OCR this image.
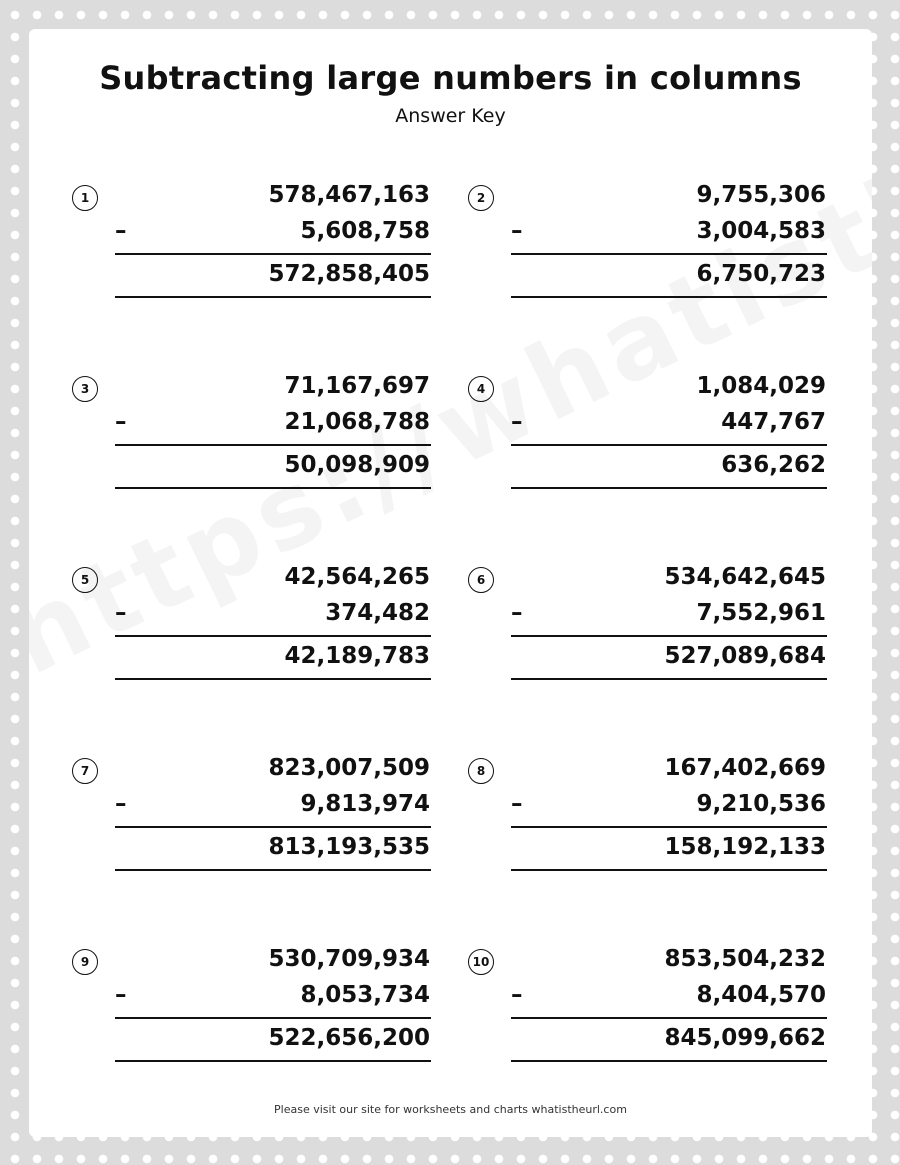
Subtracting large numbers in columns
Answer Key
1	578,467,163
–	5,608,758
572,858,405
2	9,755,306
–	3,004,583
6,750,723
3	71,167,697
–	21,068,788
50,098,909
4	1,084,029
–	447,767
636,262
5	42,564,265
–	374,482
42,189,783
6	534,642,645
–	7,552,961
527,089,684
7	823,007,509
–	9,813,974
813,193,535
8	167,402,669
–	9,210,536
158,192,133
9	530,709,934
–	8,053,734
522,656,200
10	853,504,232
–	8,404,570
845,099,662
Please visit our site for worksheets and charts whatistheurl.com
